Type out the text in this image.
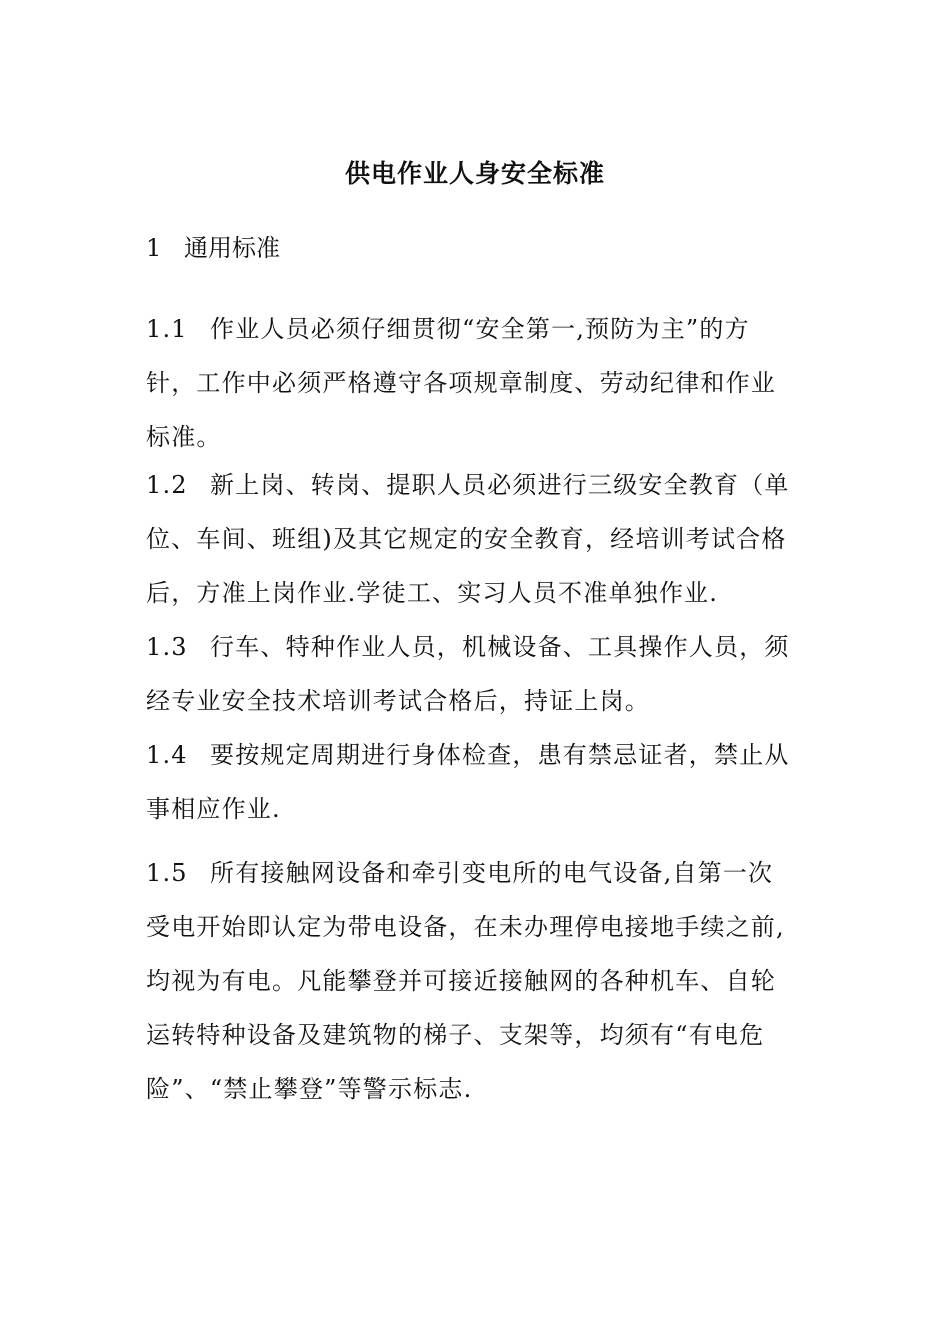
供电作业人身安全标准
1 通用标准
1.1 作业人员必须仔细贯彻“安全第一,预防为主”的方
针，工作中必须严格遵守各项规章制度、劳动纪律和作业
标准。
1.2 新上岗、转岗、提职人员必须进行三级安全教育（单
位、车间、班组)及其它规定的安全教育，经培训考试合格
后，方准上岗作业.学徒工、实习人员不准单独作业.
1.3 行车、特种作业人员，机械设备、工具操作人员，须
经专业安全技术培训考试合格后，持证上岗。
1.4 要按规定周期进行身体检查，患有禁忌证者，禁止从
事相应作业.
1.5 所有接触网设备和牵引变电所的电气设备,自第一次
受电开始即认定为带电设备，在未办理停电接地手续之前,
均视为有电。凡能攀登并可接近接触网的各种机车、自轮
运转特种设备及建筑物的梯子、支架等，均须有“有电危
险”、“禁止攀登”等警示标志.
